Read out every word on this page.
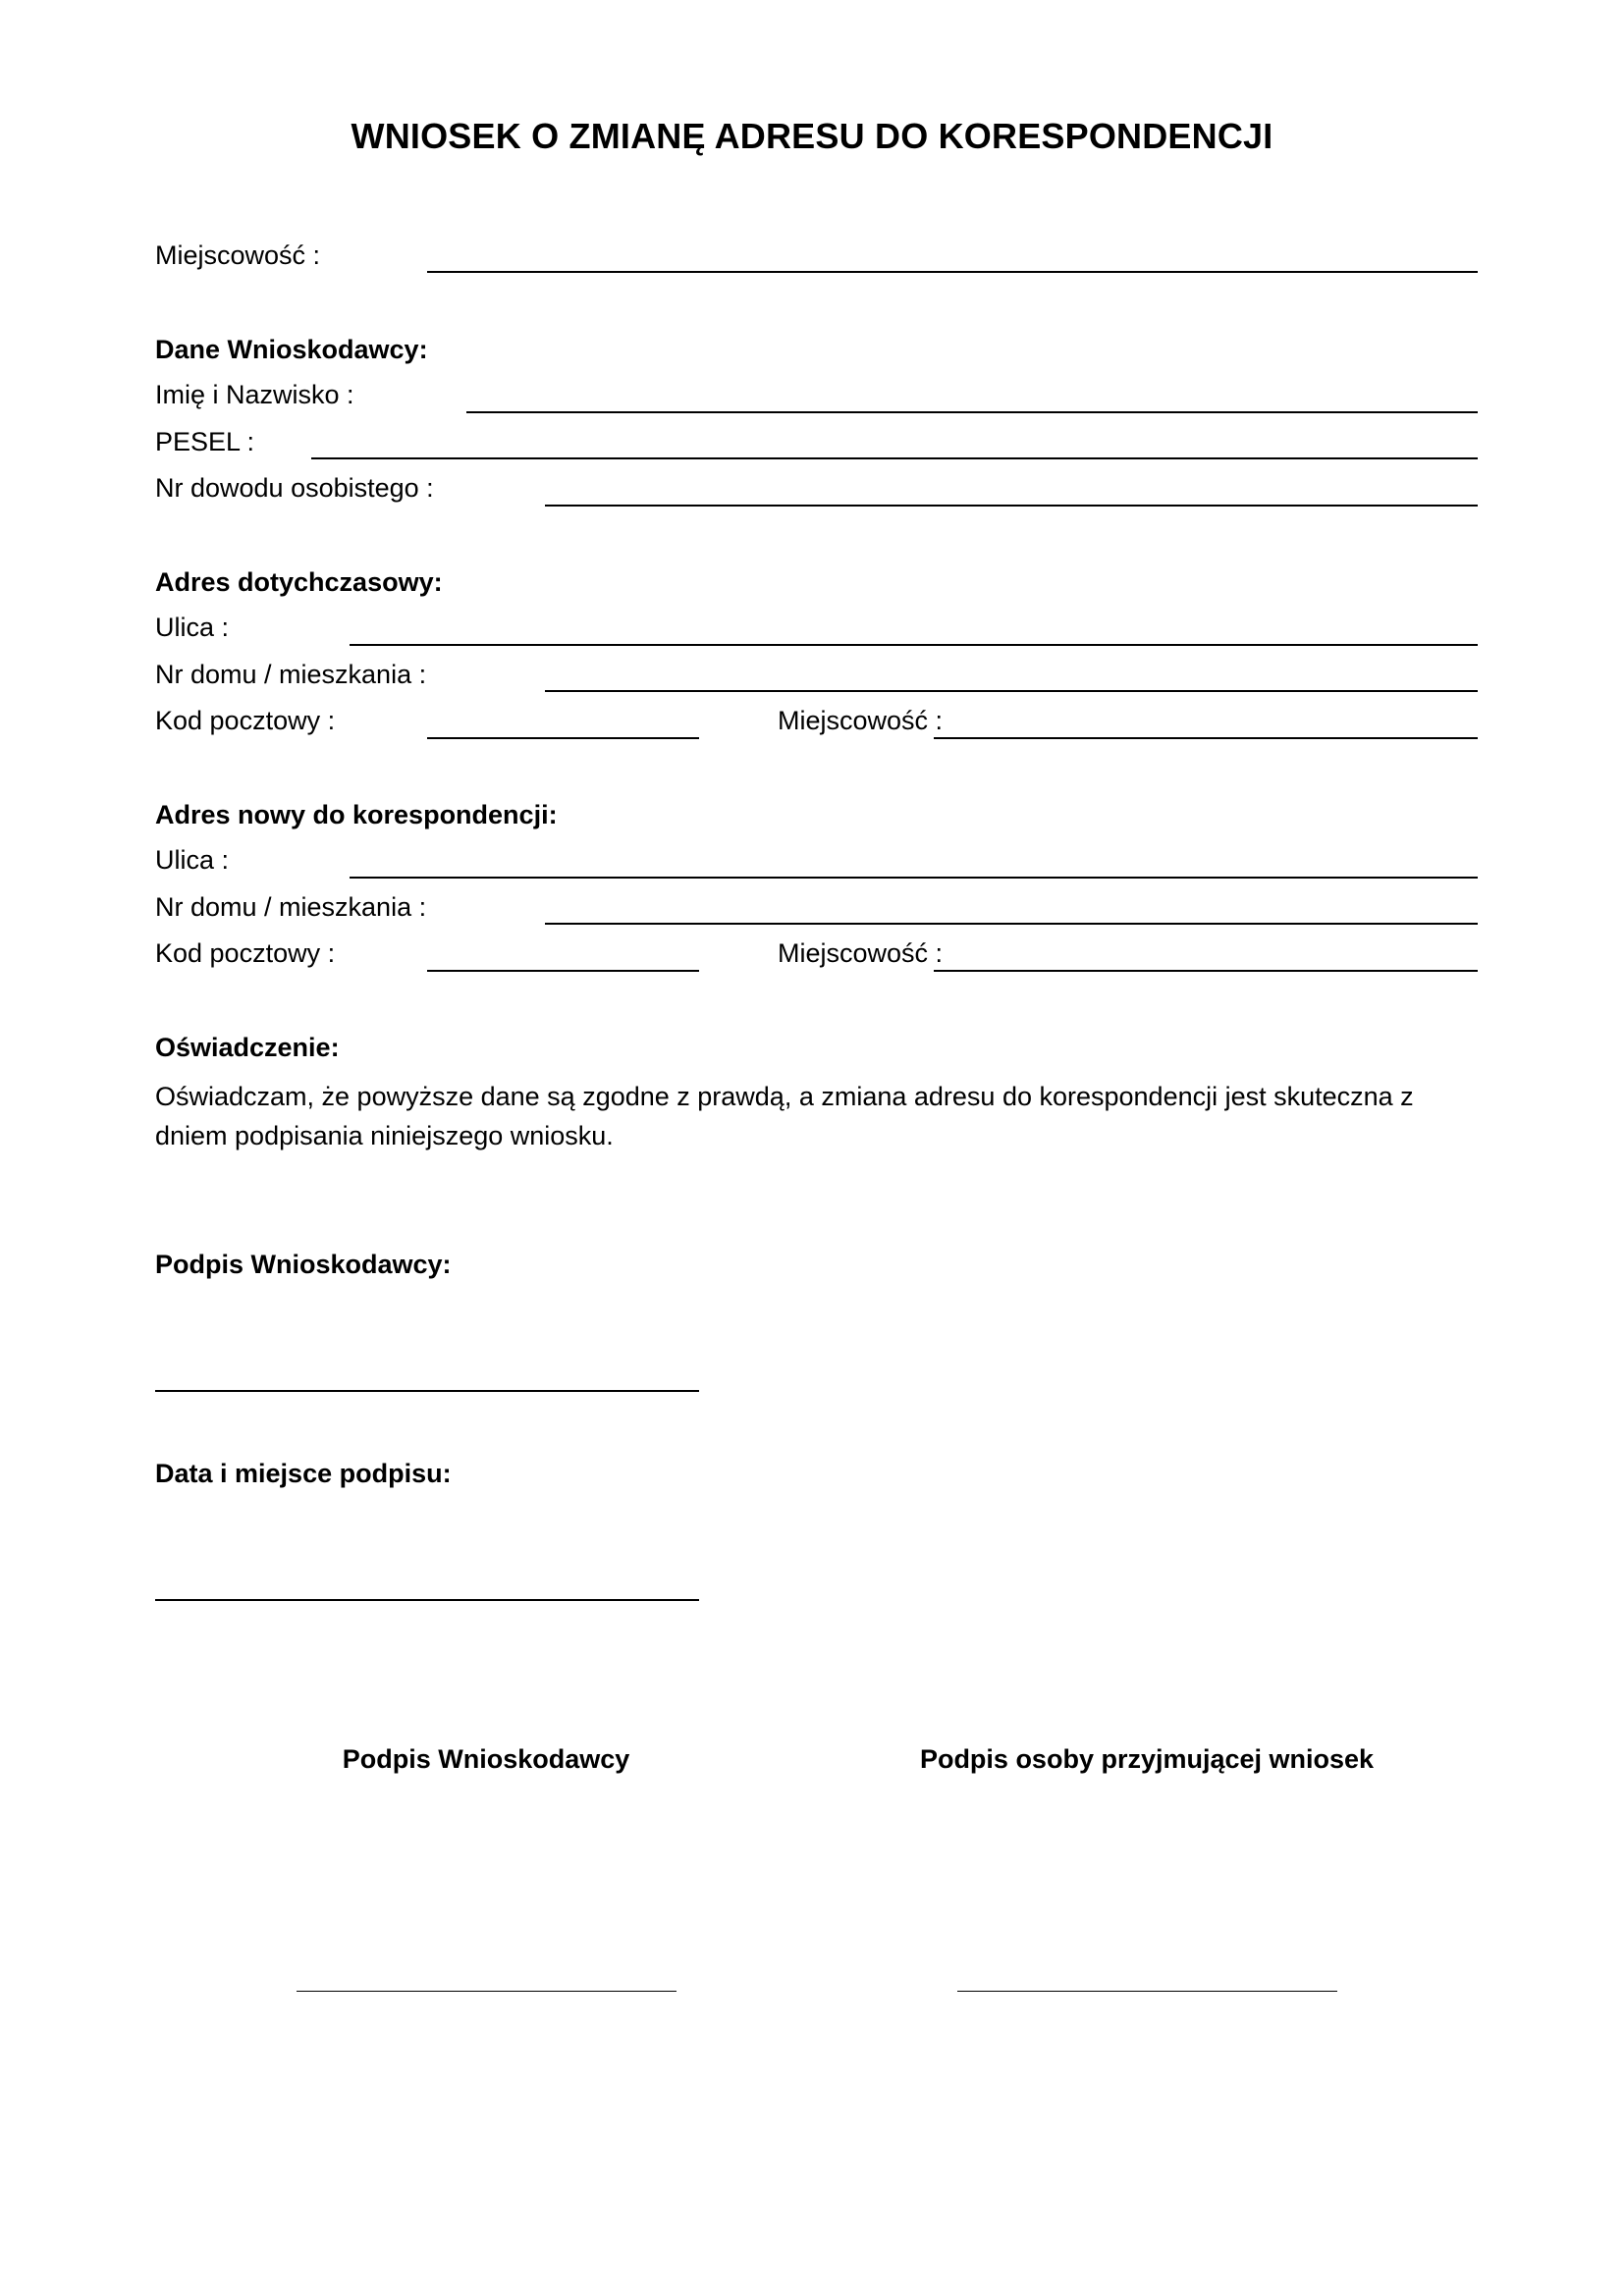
WNIOSEK O ZMIANĘ ADRESU DO KORESPONDENCJI
Miejscowość :
Dane Wnioskodawcy:
Imię i Nazwisko :
PESEL :
Nr dowodu osobistego :
Adres dotychczasowy:
Ulica :
Nr domu / mieszkania :
Kod pocztowy :	Miejscowość :
Adres nowy do korespondencji:
Ulica :
Nr domu / mieszkania :
Kod pocztowy :	Miejscowość :
Oświadczenie:
Oświadczam, że powyższe dane są zgodne z prawdą, a zmiana adresu do korespondencji jest skuteczna z dniem podpisania niniejszego wniosku.
Podpis Wnioskodawcy:
Data i miejsce podpisu:
Podpis Wnioskodawcy	Podpis osoby przyjmującej wniosek
